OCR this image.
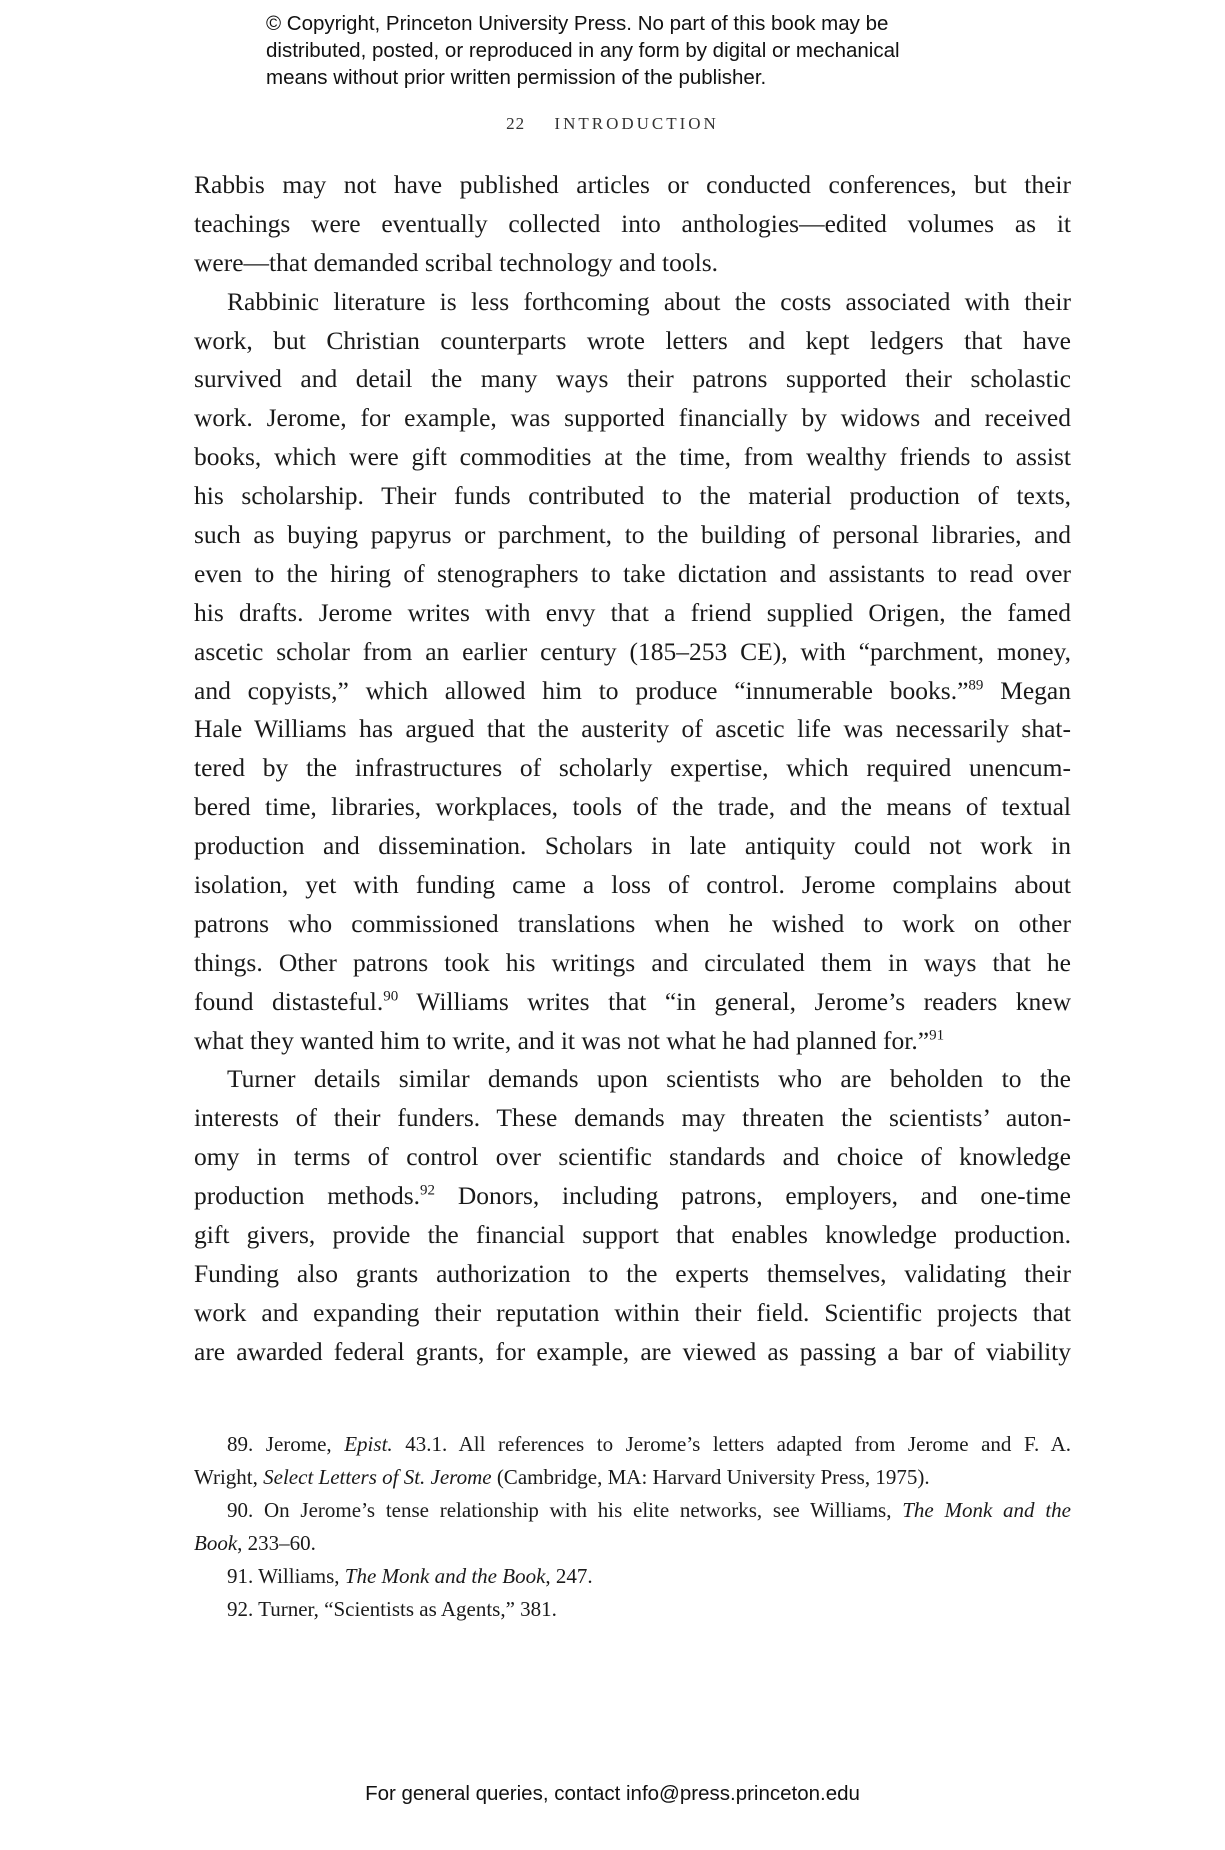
© Copyright, Princeton University Press. No part of this book may be
distributed, posted, or reproduced in any form by digital or mechanical
means without prior written permission of the publisher.
22 INTRODUCTION
Rabbis may not have published articles or conducted conferences, but their
teachings were eventually collected into anthologies—edited volumes as it
were—that demanded scribal technology and tools.
Rabbinic literature is less forthcoming about the costs associated with their
work, but Christian counterparts wrote letters and kept ledgers that have
survived and detail the many ways their patrons supported their scholastic
work. Jerome, for example, was supported financially by widows and received
books, which were gift commodities at the time, from wealthy friends to assist
his scholarship. Their funds contributed to the material production of texts,
such as buying papyrus or parchment, to the building of personal libraries, and
even to the hiring of stenographers to take dictation and assistants to read over
his drafts. Jerome writes with envy that a friend supplied Origen, the famed
ascetic scholar from an earlier century (185–253 CE), with “parchment, money,
and copyists,” which allowed him to produce “innumerable books.”$^{89}$ Megan
Hale Williams has argued that the austerity of ascetic life was necessarily shat-
tered by the infrastructures of scholarly expertise, which required unencum-
bered time, libraries, workplaces, tools of the trade, and the means of textual
production and dissemination. Scholars in late antiquity could not work in
isolation, yet with funding came a loss of control. Jerome complains about
patrons who commissioned translations when he wished to work on other
things. Other patrons took his writings and circulated them in ways that he
found distasteful.$^{90}$ Williams writes that “in general, Jerome’s readers knew
what they wanted him to write, and it was not what he had planned for.”$^{91}$
Turner details similar demands upon scientists who are beholden to the
interests of their funders. These demands may threaten the scientists’ auton-
omy in terms of control over scientific standards and choice of knowledge
production methods.$^{92}$ Donors, including patrons, employers, and one-time
gift givers, provide the financial support that enables knowledge production.
Funding also grants authorization to the experts themselves, validating their
work and expanding their reputation within their field. Scientific projects that
are awarded federal grants, for example, are viewed as passing a bar of viability
89. Jerome, Epist. 43.1. All references to Jerome’s letters adapted from Jerome and F. A.
Wright, Select Letters of St. Jerome (Cambridge, MA: Harvard University Press, 1975).
90. On Jerome’s tense relationship with his elite networks, see Williams, The Monk and the
Book, 233–60.
91. Williams, The Monk and the Book, 247.
92. Turner, “Scientists as Agents,” 381.
For general queries, contact info@press.princeton.edu
